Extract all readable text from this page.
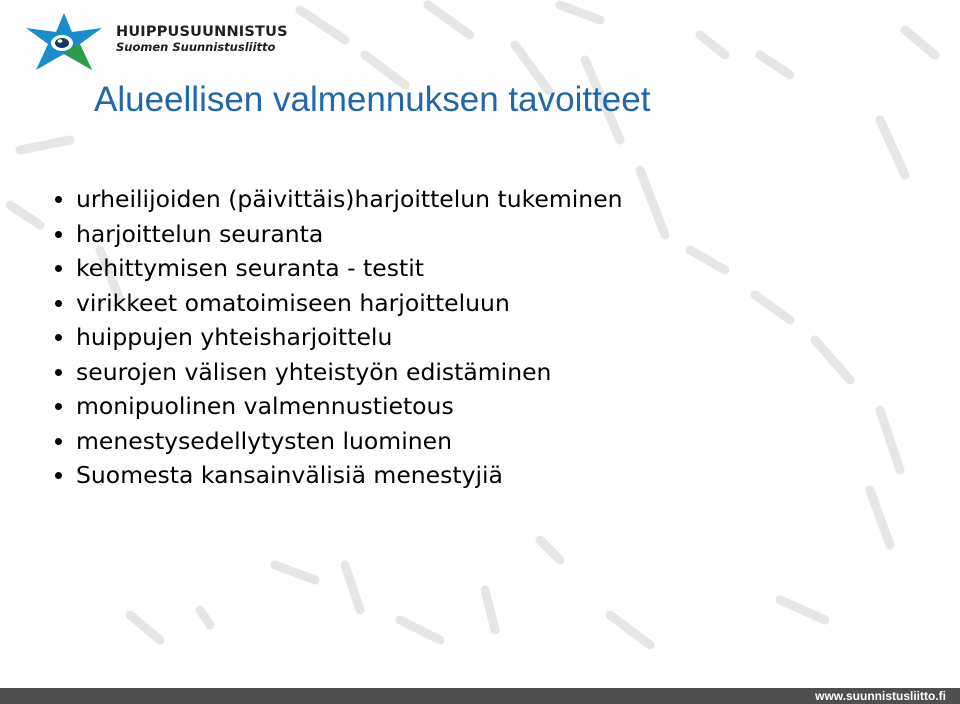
HUIPPUSUUNNISTUS
Suomen Suunnistusliitto
Alueellisen valmennuksen tavoitteet
urheilijoiden (päivittäis)harjoittelun tukeminen
harjoittelun seuranta
kehittymisen seuranta - testit
virikkeet omatoimiseen harjoitteluun
huippujen yhteisharjoittelu
seurojen välisen yhteistyön edistäminen
monipuolinen valmennustietous
menestysedellytysten luominen
Suomesta kansainvälisiä menestyjiä
www.suunnistusliitto.fi
